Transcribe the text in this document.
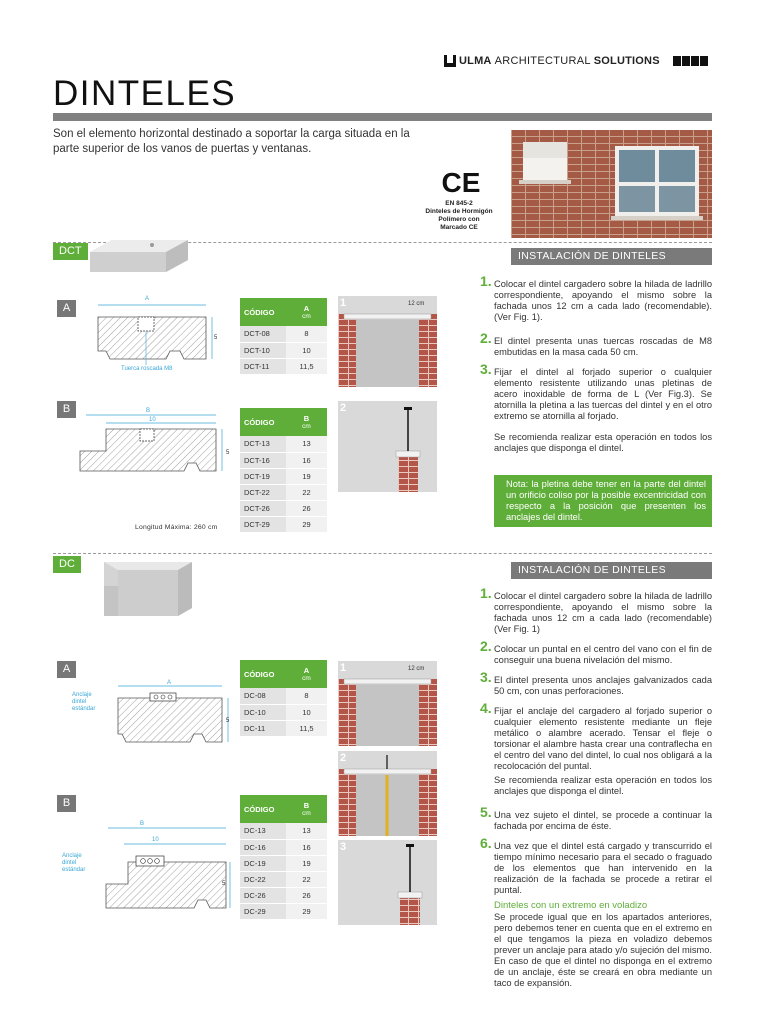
ULMA ARCHITECTURAL SOLUTIONS
DINTELES
Son el elemento horizontal destinado a soportar la carga situada en la parte superior de los vanos de puertas y ventanas.
CE
EN 845-2
Dinteles de Hormigón
Polímero con
Marcado CE
DCT	INSTALACIÓN DE DINTELES
A
A
5
Tuerca roscada M8
CÓDIGO	A
cm

DCT-08	8
DCT-10	10
DCT-11	11,5
B	B
10
5
CÓDIGO	B
cm

DCT-13	13
DCT-16	16
DCT-19	19
DCT-22	22
DCT-26	26
DCT-29	29
Longitud Máxima: 260 cm
1	12 cm
2
1. Colocar el dintel cargadero sobre la hilada de ladrillo correspondiente, apoyando el mismo sobre la fachada unos 12 cm a cada lado (recomendable). (Ver Fig. 1).
2. El dintel presenta unas tuercas roscadas de M8 embutidas en la masa cada 50 cm.
3. Fijar el dintel al forjado superior o cualquier elemento resistente utilizando unas pletinas de acero inoxidable de forma de L (Ver Fig.3). Se atornilla la pletina a las tuercas del dintel y en el otro extremo se atornilla al forjado.
Se recomienda realizar esta operación en todos los anclajes que disponga el dintel.
Nota: la pletina debe tener en la parte del dintel un orificio coliso por la posible excentricidad con respecto a la posición que presenten los anclajes del dintel.
DC	INSTALACIÓN DE DINTELES
A
A
5
Anclaje
dintel
estándar
CÓDIGO	A
cm

DC-08	8
DC-10	10
DC-11	11,5
B
B
10
5
Anclaje
dintel
estándar
CÓDIGO	B
cm

DC-13	13
DC-16	16
DC-19	19
DC-22	22
DC-26	26
DC-29	29
1	12 cm
2
3
1. Colocar el dintel cargadero sobre la hilada de ladrillo correspondiente, apoyando el mismo sobre la fachada unos 12 cm a cada lado (recomendable) (Ver Fig. 1)
2. Colocar un puntal en el centro del vano con el fin de conseguir una buena nivelación del mismo.
3. El dintel presenta unos anclajes galvanizados cada 50 cm, con unas perforaciones.
4. Fijar el anclaje del cargadero al forjado superior o cualquier elemento resistente mediante un fleje metálico o alambre acerado. Tensar el fleje o torsionar el alambre hasta crear una contraflecha en el centro del vano del dintel, lo cual nos obligará a la recolocación del puntal.
Se recomienda realizar esta operación en todos los anclajes que disponga el dintel.
5. Una vez sujeto el dintel, se procede a continuar la fachada por encima de éste.
6. Una vez que el dintel está cargado y transcurrido el tiempo mínimo necesario para el secado o fraguado de los elementos que han intervenido en la realización de la fachada se procede a retirar el puntal.
Dinteles con un extremo en voladizo
Se procede igual que en los apartados anteriores, pero debemos tener en cuenta que en el extremo en el que tengamos la pieza en voladizo debemos prever un anclaje para atado y/o sujeción del mismo. En caso de que el dintel no disponga en el extremo de un anclaje, éste se creará en obra mediante un taco de expansión.
